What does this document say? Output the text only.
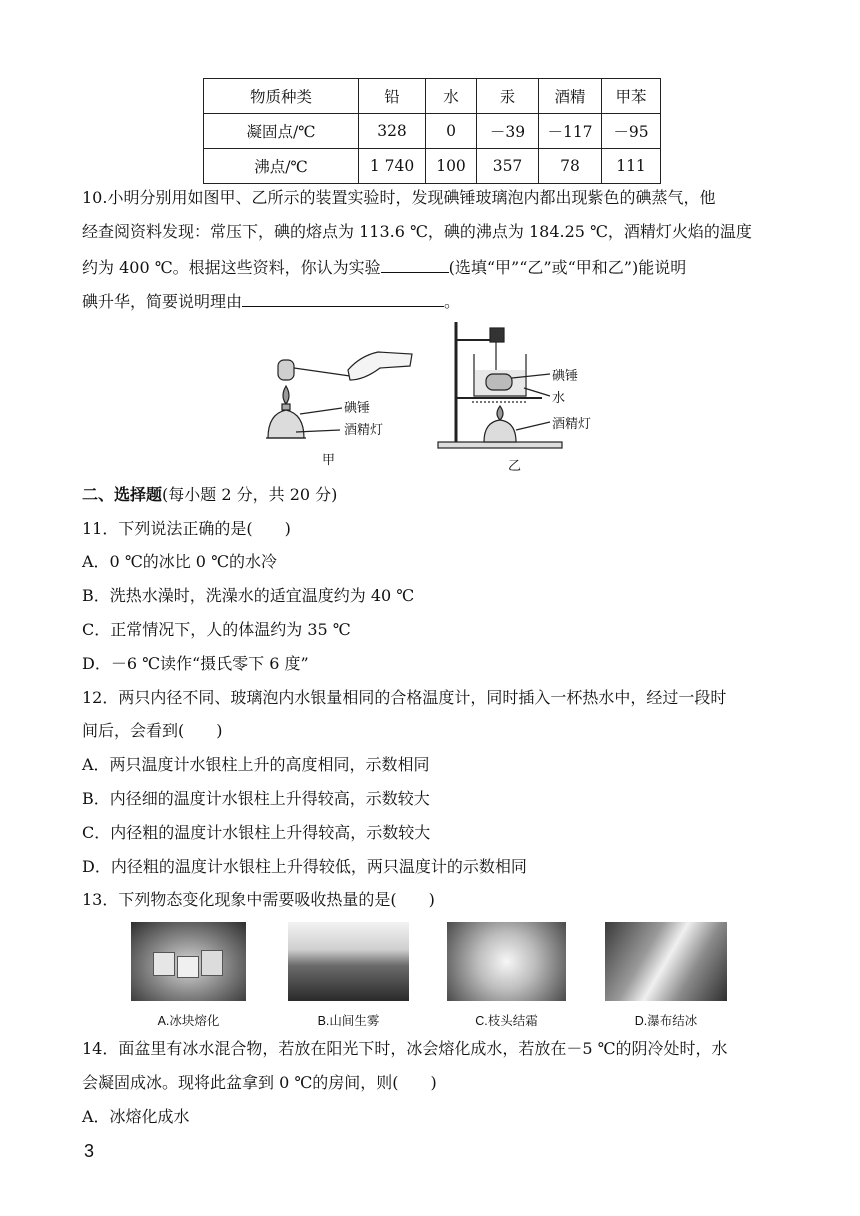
物质种类	铅	水	汞	酒精	甲苯
凝固点/℃	328	0	－39	－117	－95
沸点/℃	1 740	100	357	78	111
10.小明分别用如图甲、乙所示的装置实验时，发现碘锤玻璃泡内都出现紫色的碘蒸气，他
经查阅资料发现：常压下，碘的熔点为 113.6 ℃，碘的沸点为 184.25 ℃，酒精灯火焰的温度
约为 400 ℃。根据这些资料，你认为实验	(选填“甲”“乙”或“甲和乙”)能说明
碘升华，简要说明理由	。
碘锤
酒精灯
甲
碘锤
水
酒精灯
乙
二、选择题(每小题 2 分，共 20 分)
11．下列说法正确的是(　　)
A．0 ℃的冰比 0 ℃的水冷
B．洗热水澡时，洗澡水的适宜温度约为 40 ℃
C．正常情况下，人的体温约为 35 ℃
D．－6 ℃读作“摄氏零下 6 度”
12．两只内径不同、玻璃泡内水银量相同的合格温度计，同时插入一杯热水中，经过一段时
间后，会看到(　　)
A．两只温度计水银柱上升的高度相同，示数相同
B．内径细的温度计水银柱上升得较高，示数较大
C．内径粗的温度计水银柱上升得较高，示数较大
D．内径粗的温度计水银柱上升得较低，两只温度计的示数相同
13．下列物态变化现象中需要吸收热量的是(　　)
A.冰块熔化	B.山间生雾	C.枝头结霜	D.瀑布结冰
14．面盆里有冰水混合物，若放在阳光下时，冰会熔化成水，若放在－5 ℃的阴冷处时，水
会凝固成冰。现将此盆拿到 0 ℃的房间，则(　　)
A．冰熔化成水
3
